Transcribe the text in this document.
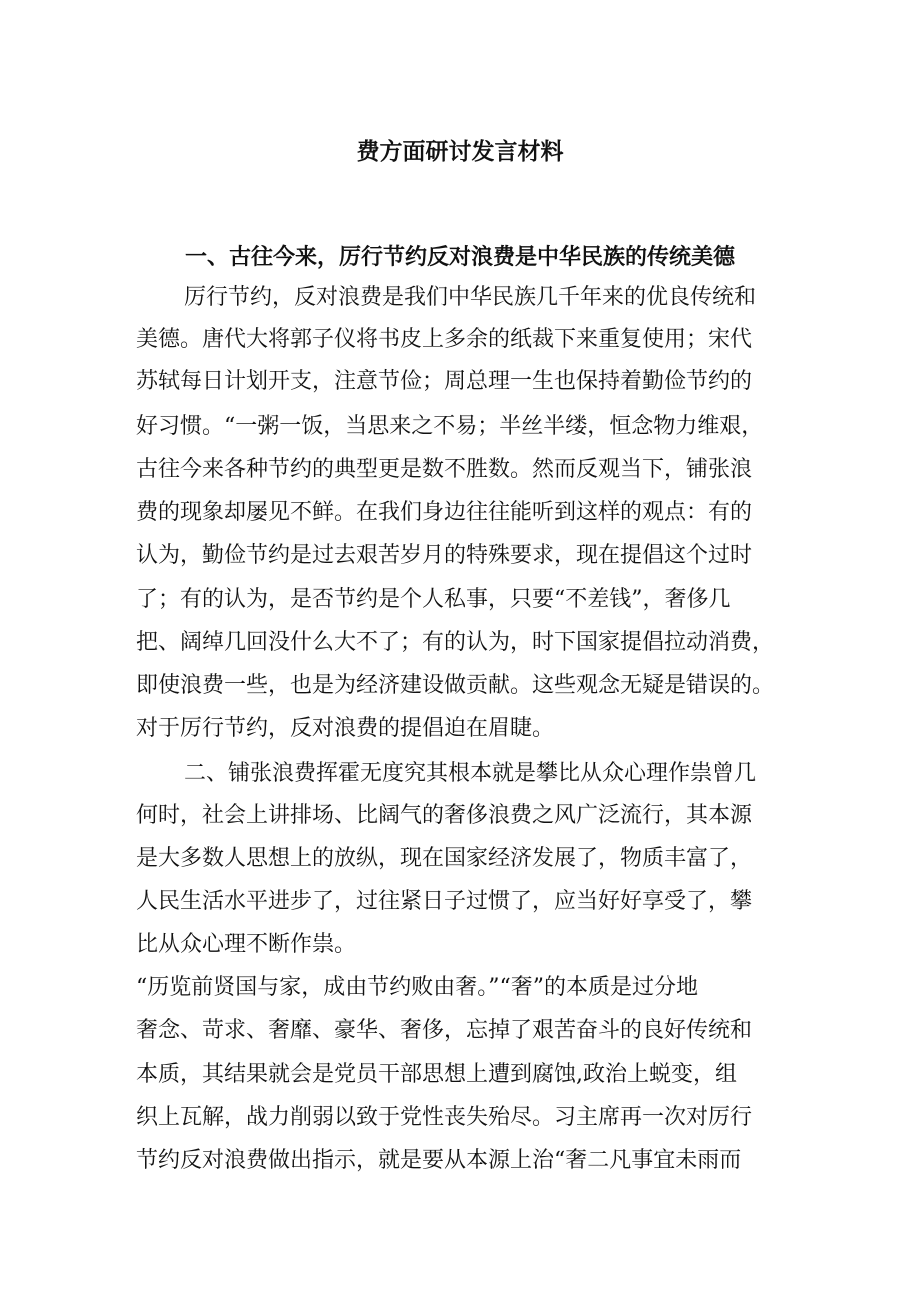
费方面研讨发言材料
一、古往今来，厉行节约反对浪费是中华民族的传统美德
厉行节约，反对浪费是我们中华民族几千年来的优良传统和
美德。唐代大将郭子仪将书皮上多余的纸裁下来重复使用；宋代
苏轼每日计划开支，注意节俭；周总理一生也保持着勤俭节约的
好习惯。“一粥一饭，当思来之不易；半丝半缕，恒念物力维艰，
古往今来各种节约的典型更是数不胜数。然而反观当下，铺张浪
费的现象却屡见不鲜。在我们身边往往能听到这样的观点：有的
认为，勤俭节约是过去艰苦岁月的特殊要求，现在提倡这个过时
了；有的认为，是否节约是个人私事，只要“不差钱”，奢侈几
把、阔绰几回没什么大不了；有的认为，时下国家提倡拉动消费，
即使浪费一些，也是为经济建设做贡献。这些观念无疑是错误的。
对于厉行节约，反对浪费的提倡迫在眉睫。
二、铺张浪费挥霍无度究其根本就是攀比从众心理作祟曾几
何时，社会上讲排场、比阔气的奢侈浪费之风广泛流行，其本源
是大多数人思想上的放纵，现在国家经济发展了，物质丰富了，
人民生活水平进步了，过往紧日子过惯了，应当好好享受了，攀
比从众心理不断作祟。
“历览前贤国与家，成由节约败由奢。”“奢”的本质是过分地
奢念、苛求、奢靡、豪华、奢侈，忘掉了艰苦奋斗的良好传统和
本质，其结果就会是党员干部思想上遭到腐蚀,政治上蜕变，组
织上瓦解，战力削弱以致于党性丧失殆尽。习主席再一次对厉行
节约反对浪费做出指示，就是要从本源上治“奢二凡事宜未雨而
